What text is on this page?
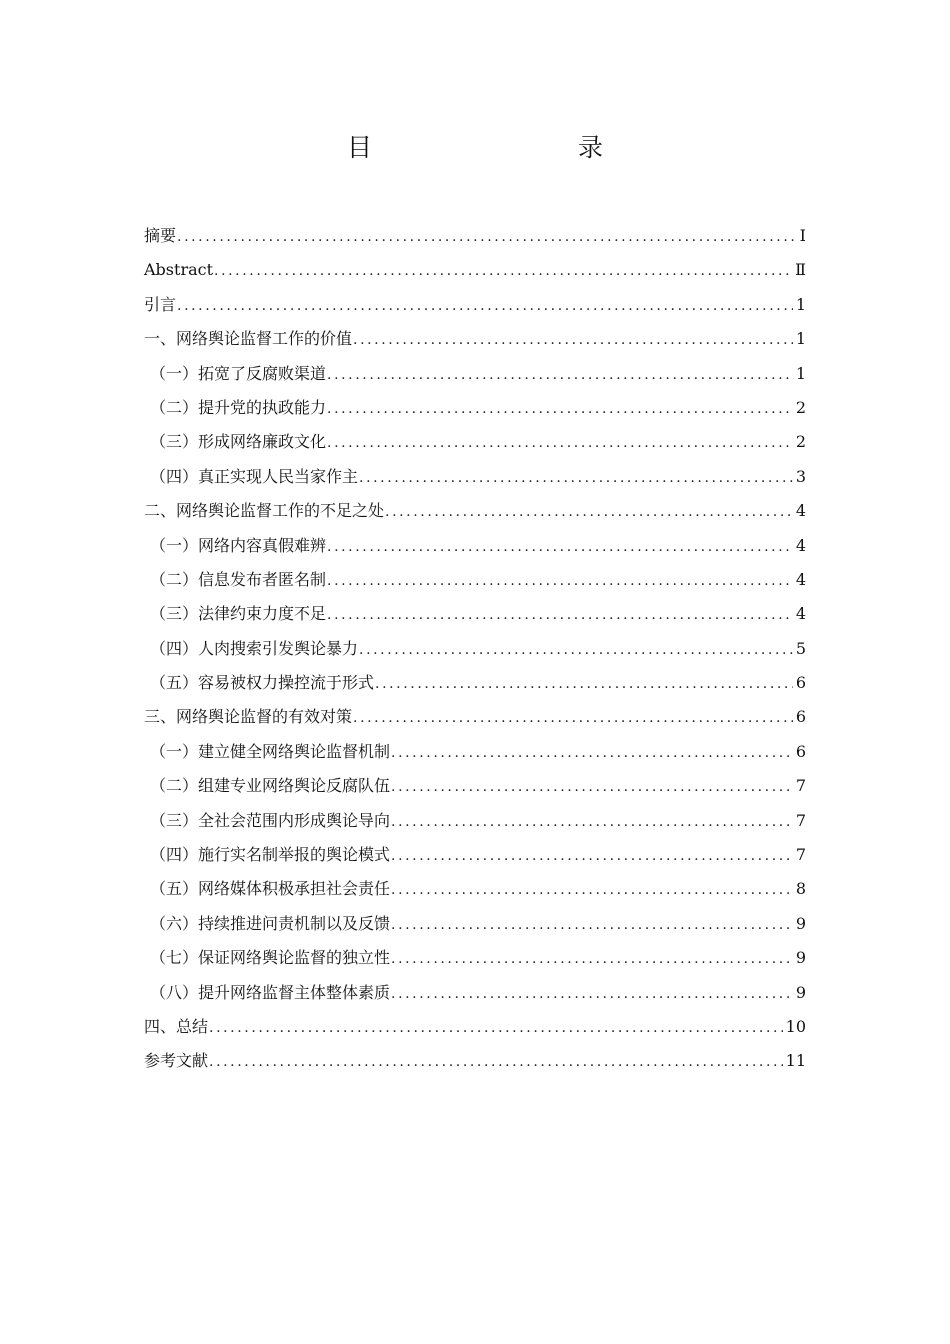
目　　录
摘要 .....	I
Abstract .....	Ⅱ
引言 .....	1
一、网络舆论监督工作的价值 .....	1
（一）拓宽了反腐败渠道 .....	1
（二）提升党的执政能力 .....	2
（三）形成网络廉政文化 .....	2
（四）真正实现人民当家作主 .....	3
二、网络舆论监督工作的不足之处 .....	4
（一）网络内容真假难辨 .....	4
（二）信息发布者匿名制 .....	4
（三）法律约束力度不足 .....	4
（四）人肉搜索引发舆论暴力 .....	5
（五）容易被权力操控流于形式 .....	6
三、网络舆论监督的有效对策 .....	6
（一）建立健全网络舆论监督机制 .....	6
（二）组建专业网络舆论反腐队伍 .....	7
（三）全社会范围内形成舆论导向 .....	7
（四）施行实名制举报的舆论模式 .....	7
（五）网络媒体积极承担社会责任 .....	8
（六）持续推进问责机制以及反馈 .....	9
（七）保证网络舆论监督的独立性 .....	9
（八）提升网络监督主体整体素质 .....	9
四、总结 .....	10
参考文献 .....	11
